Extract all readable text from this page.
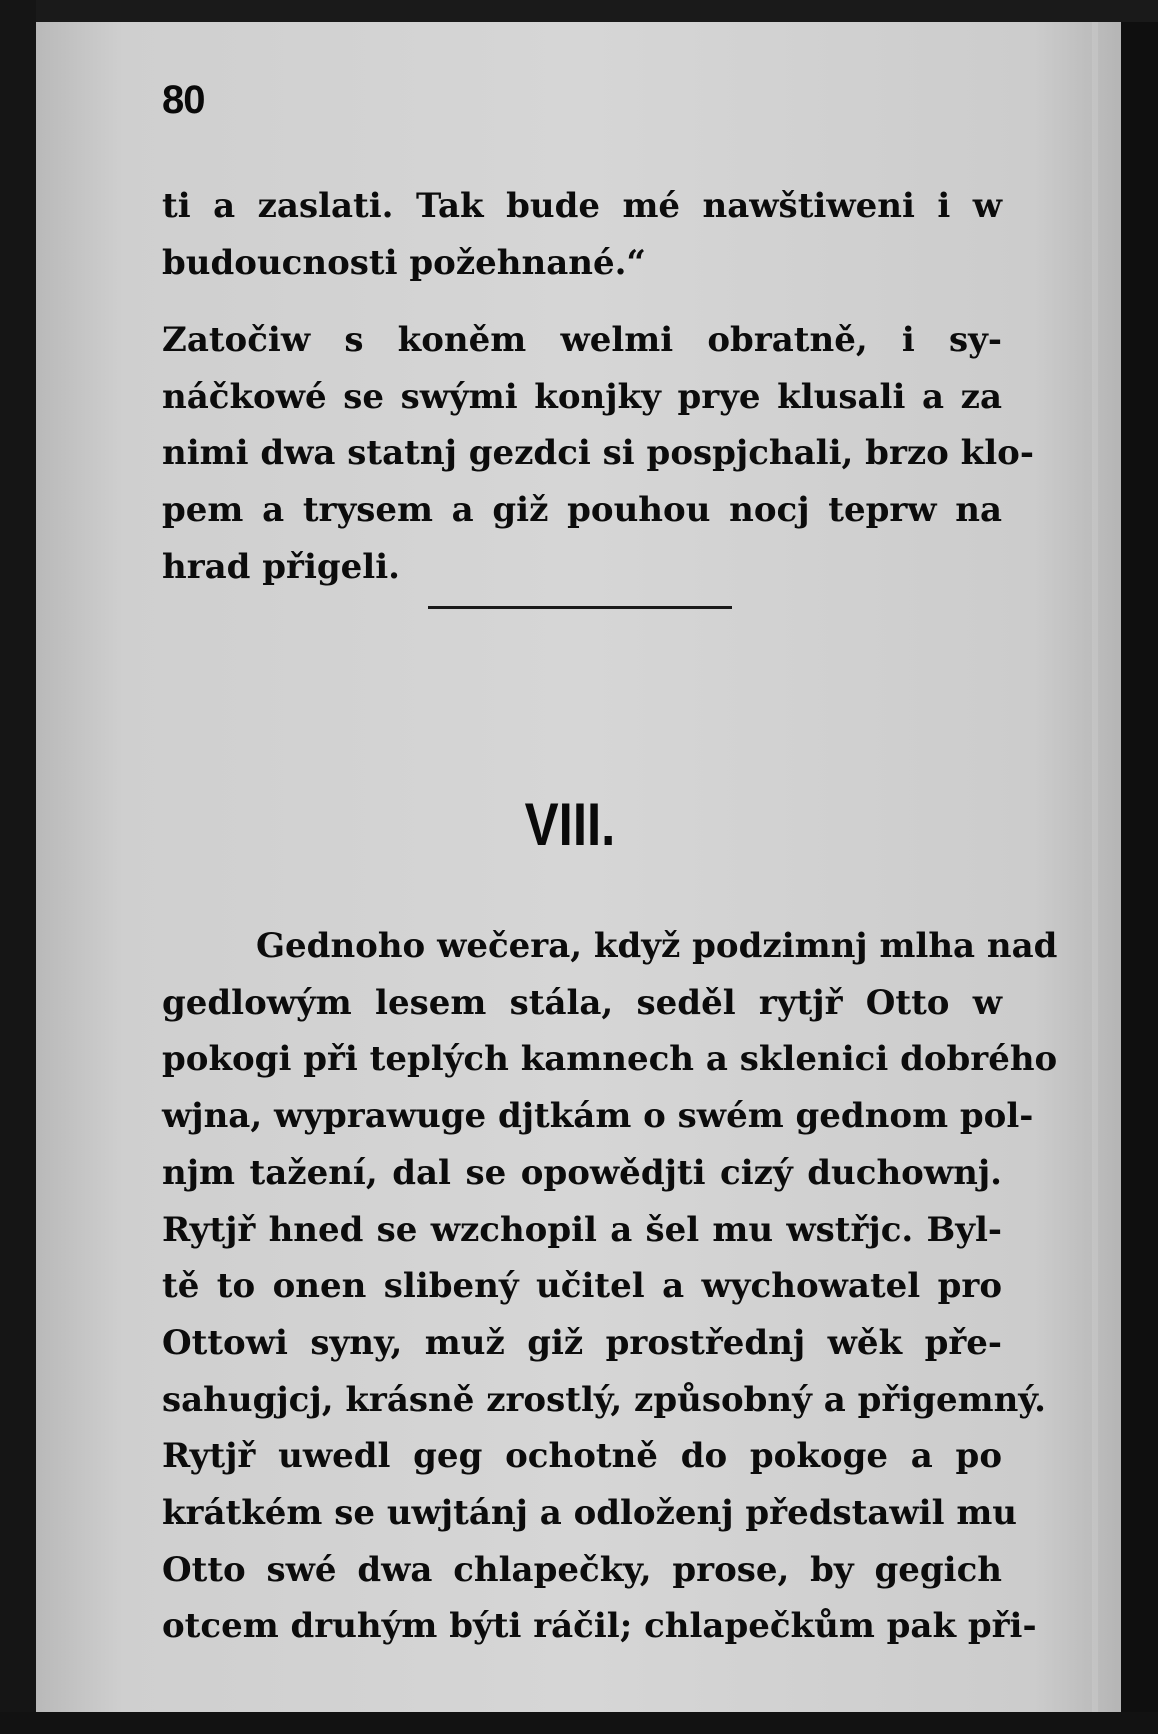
80
ti a zaslati. Tak bude mé nawštiweni i w
budoucnosti požehnané.“
Zatočiw s koněm welmi obratně, i sy-
náčkowé se swými konjky prye klusali a za
nimi dwa statnj gezdci si pospjchali, brzo klo-
pem a trysem a giž pouhou nocj teprw na
hrad přigeli.
VIII.
Gednoho wečera, když podzimnj mlha nad
gedlowým lesem stála, seděl rytjř Otto w
pokogi při teplých kamnech a sklenici dobrého
wjna, wyprawuge djtkám o swém gednom pol-
njm tažení, dal se opowědjti cizý duchownj.
Rytjř hned se wzchopil a šel mu wstřjc. Byl-
tě to onen slibený učitel a wychowatel pro
Ottowi syny, muž giž prostřednj wěk pře-
sahugjcj, krásně zrostlý, způsobný a přigemný.
Rytjř uwedl geg ochotně do pokoge a po
krátkém se uwjtánj a odloženj předstawil mu
Otto swé dwa chlapečky, prose, by gegich
otcem druhým býti ráčil; chlapečkům pak při-
